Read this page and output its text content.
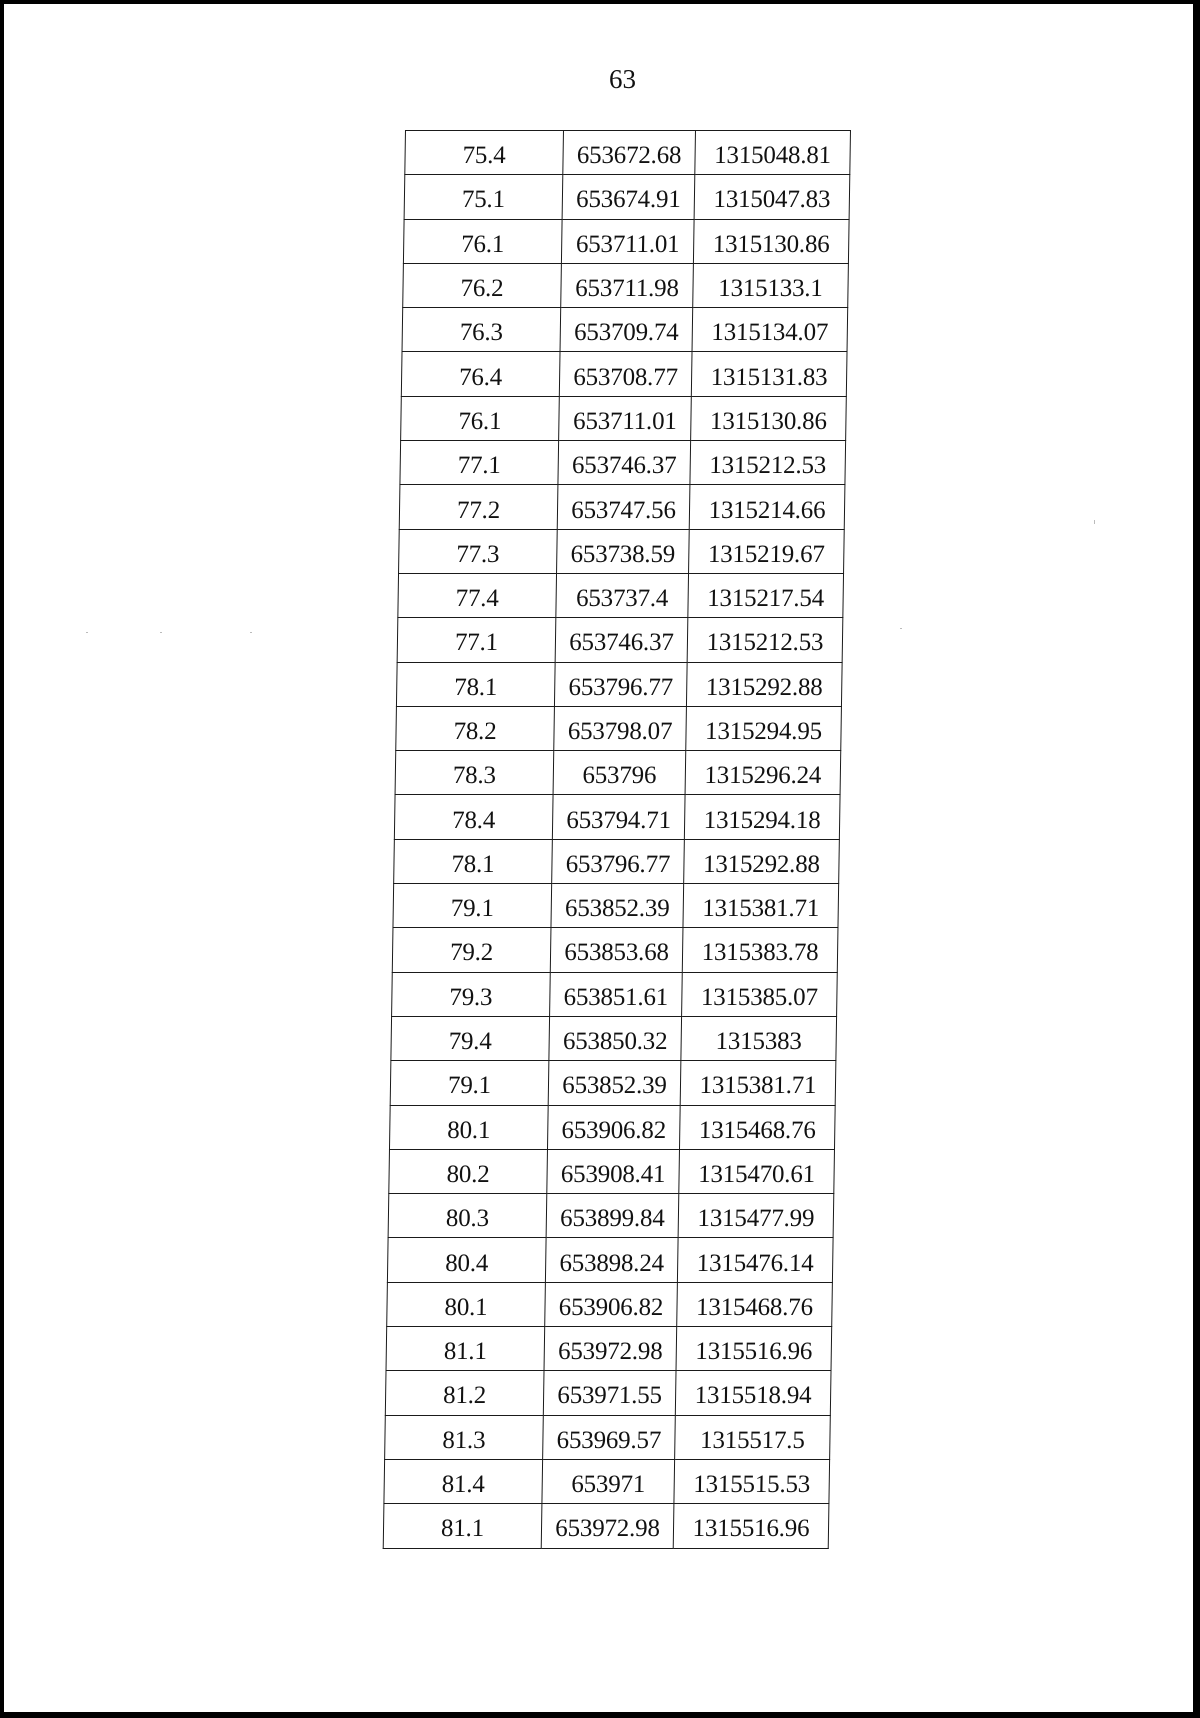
63
75.4	653672.68	1315048.81
75.1	653674.91	1315047.83
76.1	653711.01	1315130.86
76.2	653711.98	1315133.1
76.3	653709.74	1315134.07
76.4	653708.77	1315131.83
76.1	653711.01	1315130.86
77.1	653746.37	1315212.53
77.2	653747.56	1315214.66
77.3	653738.59	1315219.67
77.4	653737.4	1315217.54
77.1	653746.37	1315212.53
78.1	653796.77	1315292.88
78.2	653798.07	1315294.95
78.3	653796	1315296.24
78.4	653794.71	1315294.18
78.1	653796.77	1315292.88
79.1	653852.39	1315381.71
79.2	653853.68	1315383.78
79.3	653851.61	1315385.07
79.4	653850.32	1315383
79.1	653852.39	1315381.71
80.1	653906.82	1315468.76
80.2	653908.41	1315470.61
80.3	653899.84	1315477.99
80.4	653898.24	1315476.14
80.1	653906.82	1315468.76
81.1	653972.98	1315516.96
81.2	653971.55	1315518.94
81.3	653969.57	1315517.5
81.4	653971	1315515.53
81.1	653972.98	1315516.96
